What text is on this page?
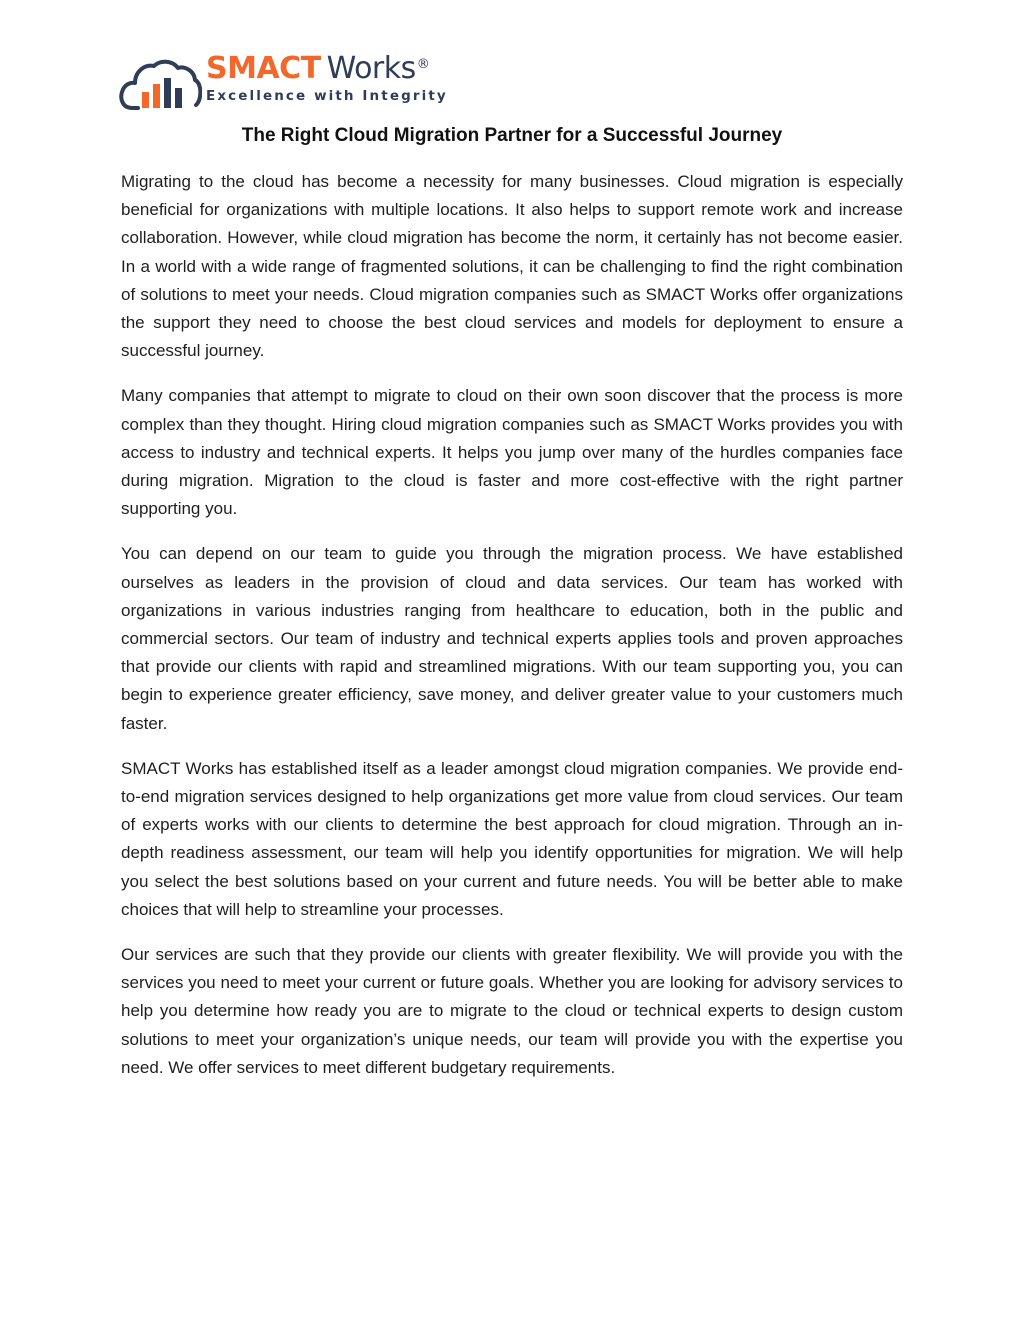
SMACT Works®
Excellence with Integrity
The Right Cloud Migration Partner for a Successful Journey

Migrating to the cloud has become a necessity for many businesses. Cloud migration is especially beneficial for organizations with multiple locations. It also helps to support remote work and increase collaboration. However, while cloud migration has become the norm, it certainly has not become easier. In a world with a wide range of fragmented solutions, it can be challenging to find the right combination of solutions to meet your needs. Cloud migration companies such as SMACT Works offer organizations the support they need to choose the best cloud services and models for deployment to ensure a successful journey.

Many companies that attempt to migrate to cloud on their own soon discover that the process is more complex than they thought. Hiring cloud migration companies such as SMACT Works provides you with access to industry and technical experts. It helps you jump over many of the hurdles companies face during migration. Migration to the cloud is faster and more cost-effective with the right partner supporting you.

You can depend on our team to guide you through the migration process. We have established ourselves as leaders in the provision of cloud and data services. Our team has worked with organizations in various industries ranging from healthcare to education, both in the public and commercial sectors. Our team of industry and technical experts applies tools and proven approaches that provide our clients with rapid and streamlined migrations. With our team supporting you, you can begin to experience greater efficiency, save money, and deliver greater value to your customers much faster.

SMACT Works has established itself as a leader amongst cloud migration companies. We provide end-to-end migration services designed to help organizations get more value from cloud services. Our team of experts works with our clients to determine the best approach for cloud migration. Through an in-depth readiness assessment, our team will help you identify opportunities for migration. We will help you select the best solutions based on your current and future needs. You will be better able to make choices that will help to streamline your processes.

Our services are such that they provide our clients with greater flexibility. We will provide you with the services you need to meet your current or future goals. Whether you are looking for advisory services to help you determine how ready you are to migrate to the cloud or technical experts to design custom solutions to meet your organization’s unique needs, our team will provide you with the expertise you need. We offer services to meet different budgetary requirements.
